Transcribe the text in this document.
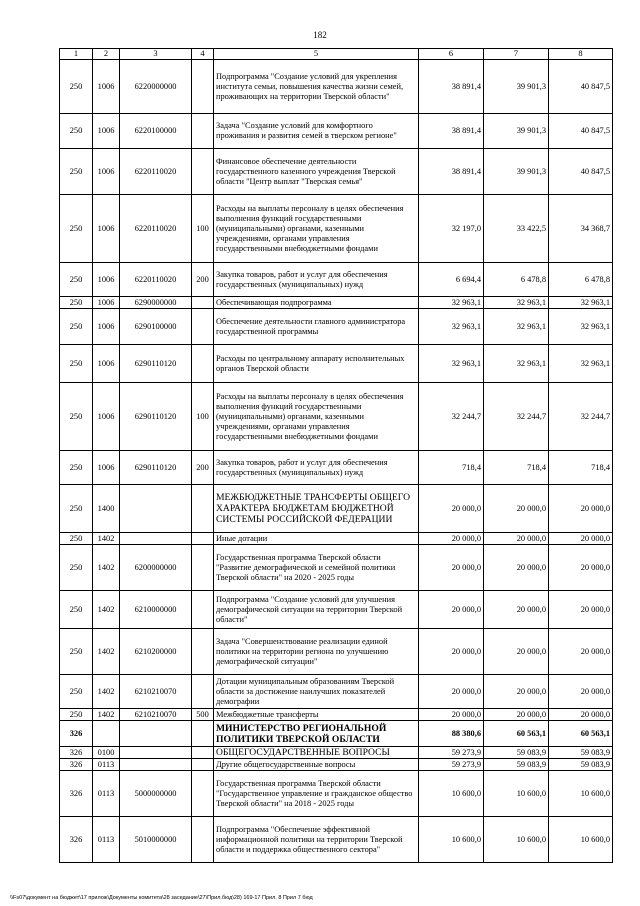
182
1	2	3	4	5	6	7	8
250	1006	6220000000		Подпрограмма "Создание условий для укрепления института семьи, повышения качества жизни семей, проживающих на территории Тверской области"	38 891,4	39 901,3	40 847,5
250	1006	6220100000		Задача "Создание условий для комфортного проживания и развития семей в тверском регионе"	38 891,4	39 901,3	40 847,5
250	1006	6220110020		Финансовое обеспечение деятельности государственного казенного учреждения Тверской области "Центр выплат "Тверская семья"	38 891,4	39 901,3	40 847,5
250	1006	6220110020	100	Расходы на выплаты персоналу в целях обеспечения выполнения функций государственными (муниципальными) органами, казенными учреждениями, органами управления государственными внебюджетными фондами	32 197,0	33 422,5	34 368,7
250	1006	6220110020	200	Закупка товаров, работ и услуг для обеспечения государственных (муниципальных) нужд	6 694,4	6 478,8	6 478,8
250	1006	6290000000		Обеспечивающая подпрограмма	32 963,1	32 963,1	32 963,1
250	1006	6290100000		Обеспечение деятельности главного администратора государственной программы	32 963,1	32 963,1	32 963,1
250	1006	6290110120		Расходы по центральному аппарату исполнительных органов Тверской области	32 963,1	32 963,1	32 963,1
250	1006	6290110120	100	Расходы на выплаты персоналу в целях обеспечения выполнения функций государственными (муниципальными) органами, казенными учреждениями, органами управления государственными внебюджетными фондами	32 244,7	32 244,7	32 244,7
250	1006	6290110120	200	Закупка товаров, работ и услуг для обеспечения государственных (муниципальных) нужд	718,4	718,4	718,4
250	1400			МЕЖБЮДЖЕТНЫЕ ТРАНСФЕРТЫ ОБЩЕГО ХАРАКТЕРА БЮДЖЕТАМ БЮДЖЕТНОЙ СИСТЕМЫ РОССИЙСКОЙ ФЕДЕРАЦИИ	20 000,0	20 000,0	20 000,0
250	1402			Иные дотации	20 000,0	20 000,0	20 000,0
250	1402	6200000000		Государственная программа Тверской области "Развитие демографической и семейной политики Тверской области" на 2020 - 2025 годы	20 000,0	20 000,0	20 000,0
250	1402	6210000000		Подпрограмма "Создание условий для улучшения демографической ситуации на территории Тверской области"	20 000,0	20 000,0	20 000,0
250	1402	6210200000		Задача "Совершенствование реализации единой политики на территории региона по улучшению демографической ситуации"	20 000,0	20 000,0	20 000,0
250	1402	6210210070		Дотации муниципальным образованиям Тверской области за достижение наилучших показателей демографии	20 000,0	20 000,0	20 000,0
250	1402	6210210070	500	Межбюджетные трансферты	20 000,0	20 000,0	20 000,0
326				МИНИСТЕРСТВО РЕГИОНАЛЬНОЙ ПОЛИТИКИ ТВЕРСКОЙ ОБЛАСТИ	88 380,6	60 563,1	60 563,1
326	0100			ОБЩЕГОСУДАРСТВЕННЫЕ ВОПРОСЫ	59 273,9	59 083,9	59 083,9
326	0113			Другие общегосударственные вопросы	59 273,9	59 083,9	59 083,9
326	0113	5000000000		Государственная программа Тверской области "Государственное управление и гражданское общество Тверской области" на 2018 - 2025 годы	10 600,0	10 600,0	10 600,0
326	0113	5010000000		Подпрограмма "Обеспечение эффективной информационной политики на территории Тверской области и поддержка общественного сектора"	10 600,0	10 600,0	10 600,0
\\Fs07\документ на бюджет\17 прилож\Документы комитета\28 заседание\27\Прил.бюд\28) 169-17 Прил. 8 Прил 7 бюд
